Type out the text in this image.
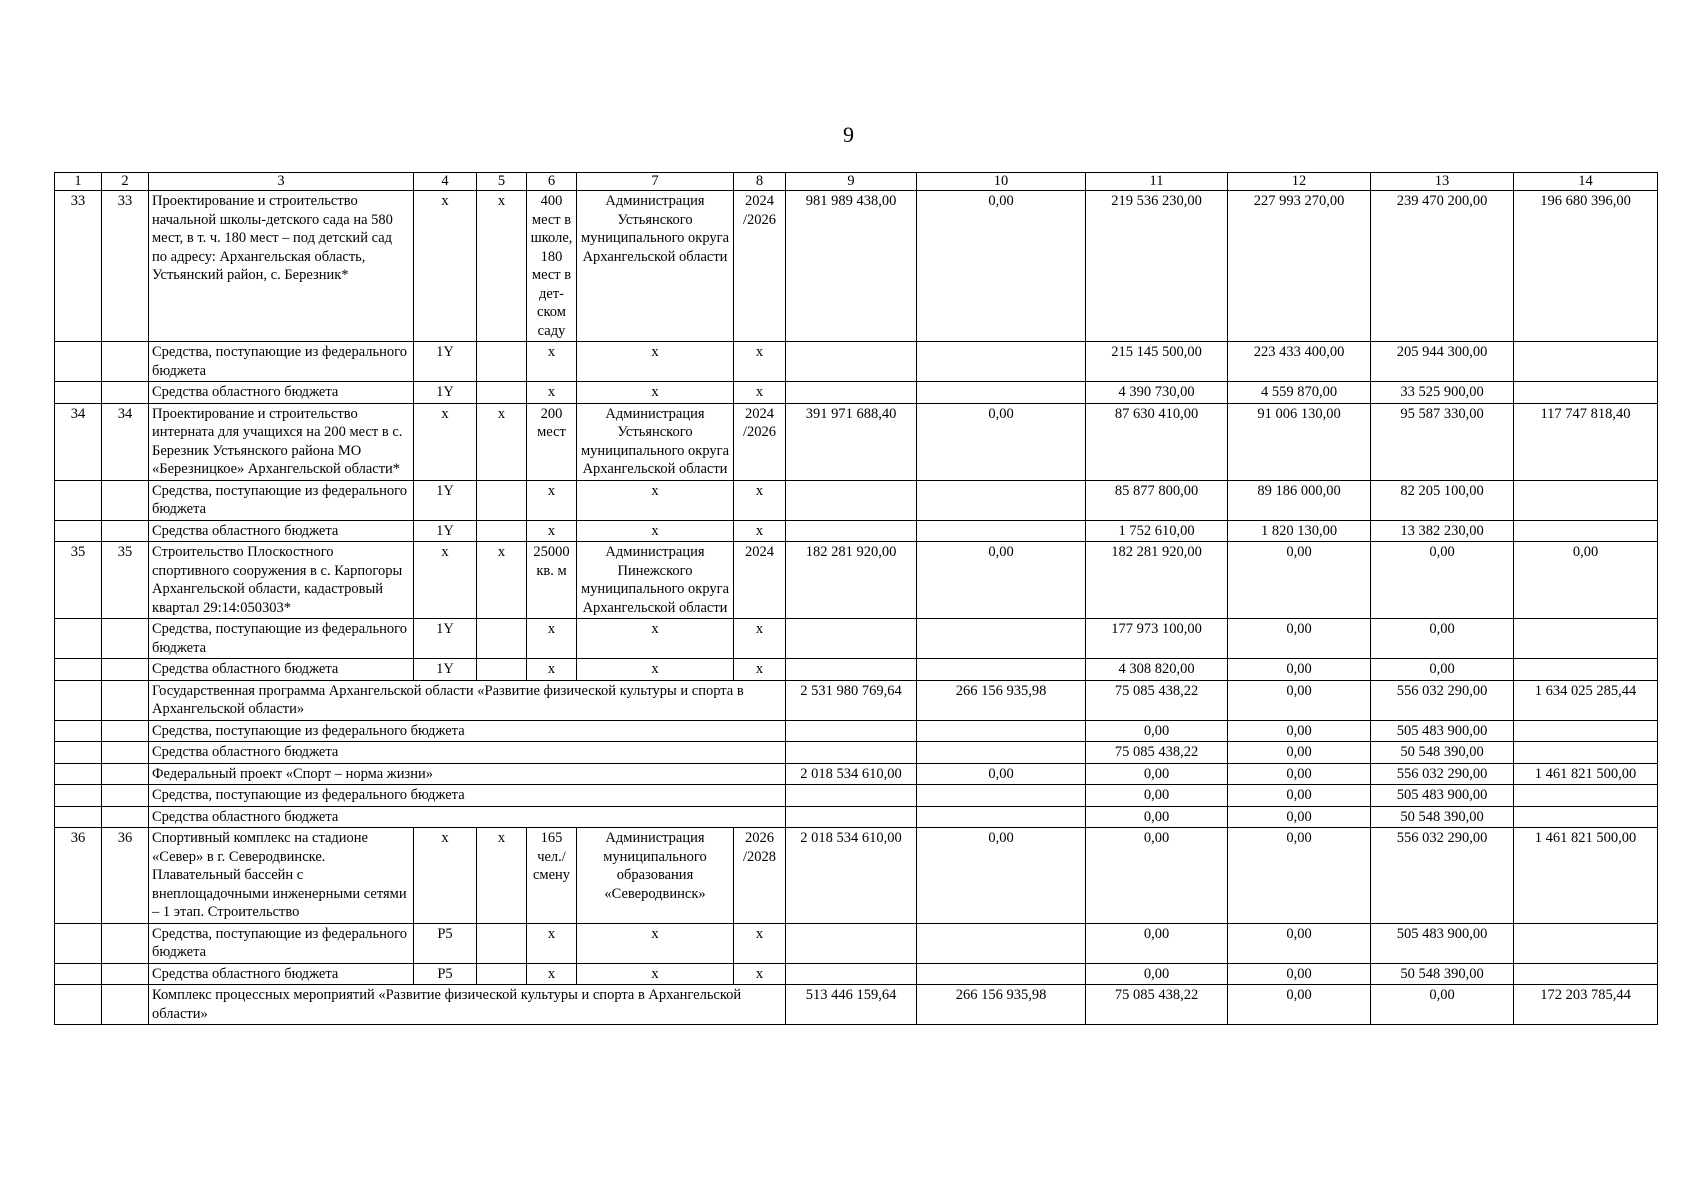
9
1	2	3	4	5	6	7	8	9	10	11	12	13	14
33	33	Проектирование и строительство начальной школы-детского сада на 580 мест, в т. ч. 180 мест – под детский сад по адресу: Архангельская область, Устьянский район, с. Березник*	х	х	400 мест в школе, 180 мест в дет-ском саду	Администрация Устьянского муниципального округа Архангельской области	2024 /2026	981 989 438,00	0,00	219 536 230,00	227 993 270,00	239 470 200,00	196 680 396,00
		Средства, поступающие из федерального бюджета	1Y		х	х	х			215 145 500,00	223 433 400,00	205 944 300,00	
		Средства областного бюджета	1Y		х	х	х			4 390 730,00	4 559 870,00	33 525 900,00	
34	34	Проектирование и строительство интерната для учащихся на 200 мест в с. Березник Устьянского района МО «Березницкое» Архангельской области*	х	х	200 мест	Администрация Устьянского муниципального округа Архангельской области	2024 /2026	391 971 688,40	0,00	87 630 410,00	91 006 130,00	95 587 330,00	117 747 818,40
		Средства, поступающие из федерального бюджета	1Y		х	х	х			85 877 800,00	89 186 000,00	82 205 100,00	
		Средства областного бюджета	1Y		х	х	х			1 752 610,00	1 820 130,00	13 382 230,00	
35	35	Строительство Плоскостного спортивного сооружения в с. Карпогоры Архангельской области, кадастровый квартал 29:14:050303*	х	х	25000 кв. м	Администрация Пинежского муниципального округа Архангельской области	2024	182 281 920,00	0,00	182 281 920,00	0,00	0,00	0,00
		Средства, поступающие из федерального бюджета	1Y		х	х	х			177 973 100,00	0,00	0,00	
		Средства областного бюджета	1Y		х	х	х			4 308 820,00	0,00	0,00	
		Государственная программа Архангельской области «Развитие физической культуры и спорта в Архангельской области»						2 531 980 769,64	266 156 935,98	75 085 438,22	0,00	556 032 290,00	1 634 025 285,44
		Средства, поступающие из федерального бюджета								0,00	0,00	505 483 900,00	
		Средства областного бюджета								75 085 438,22	0,00	50 548 390,00	
		Федеральный проект «Спорт – норма жизни»						2 018 534 610,00	0,00	0,00	0,00	556 032 290,00	1 461 821 500,00
		Средства, поступающие из федерального бюджета								0,00	0,00	505 483 900,00	
		Средства областного бюджета								0,00	0,00	50 548 390,00	
36	36	Спортивный комплекс на стадионе «Север» в г. Северодвинске. Плавательный бассейн с внеплощадочными инженерными сетями – 1 этап. Строительство	х	х	165 чел./ смену	Администрация муниципального образования «Северодвинск»	2026 /2028	2 018 534 610,00	0,00	0,00	0,00	556 032 290,00	1 461 821 500,00
		Средства, поступающие из федерального бюджета	Р5		х	х	х			0,00	0,00	505 483 900,00	
		Средства областного бюджета	Р5		х	х	х			0,00	0,00	50 548 390,00	
		Комплекс процессных мероприятий «Развитие физической культуры и спорта в Архангельской области»						513 446 159,64	266 156 935,98	75 085 438,22	0,00	0,00	172 203 785,44
